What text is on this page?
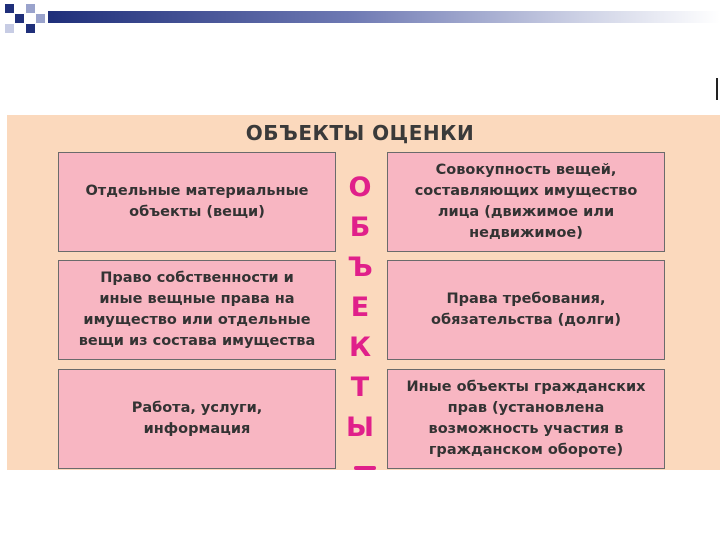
ОБЪЕКТЫ ОЦЕНКИ
Отдельные материальные
объекты (вещи)
Совокупность вещей,
составляющих имущество
лица (движимое или
недвижимое)
Право собственности и
иные вещные права на
имущество или отдельные
вещи из состава имущества
Права требования,
обязательства (долги)
Работа, услуги,
информация
Иные объекты гражданских
прав (установлена
возможность участия в
гражданском обороте)
О
Б
Ъ
Е
К
Т
Ы
